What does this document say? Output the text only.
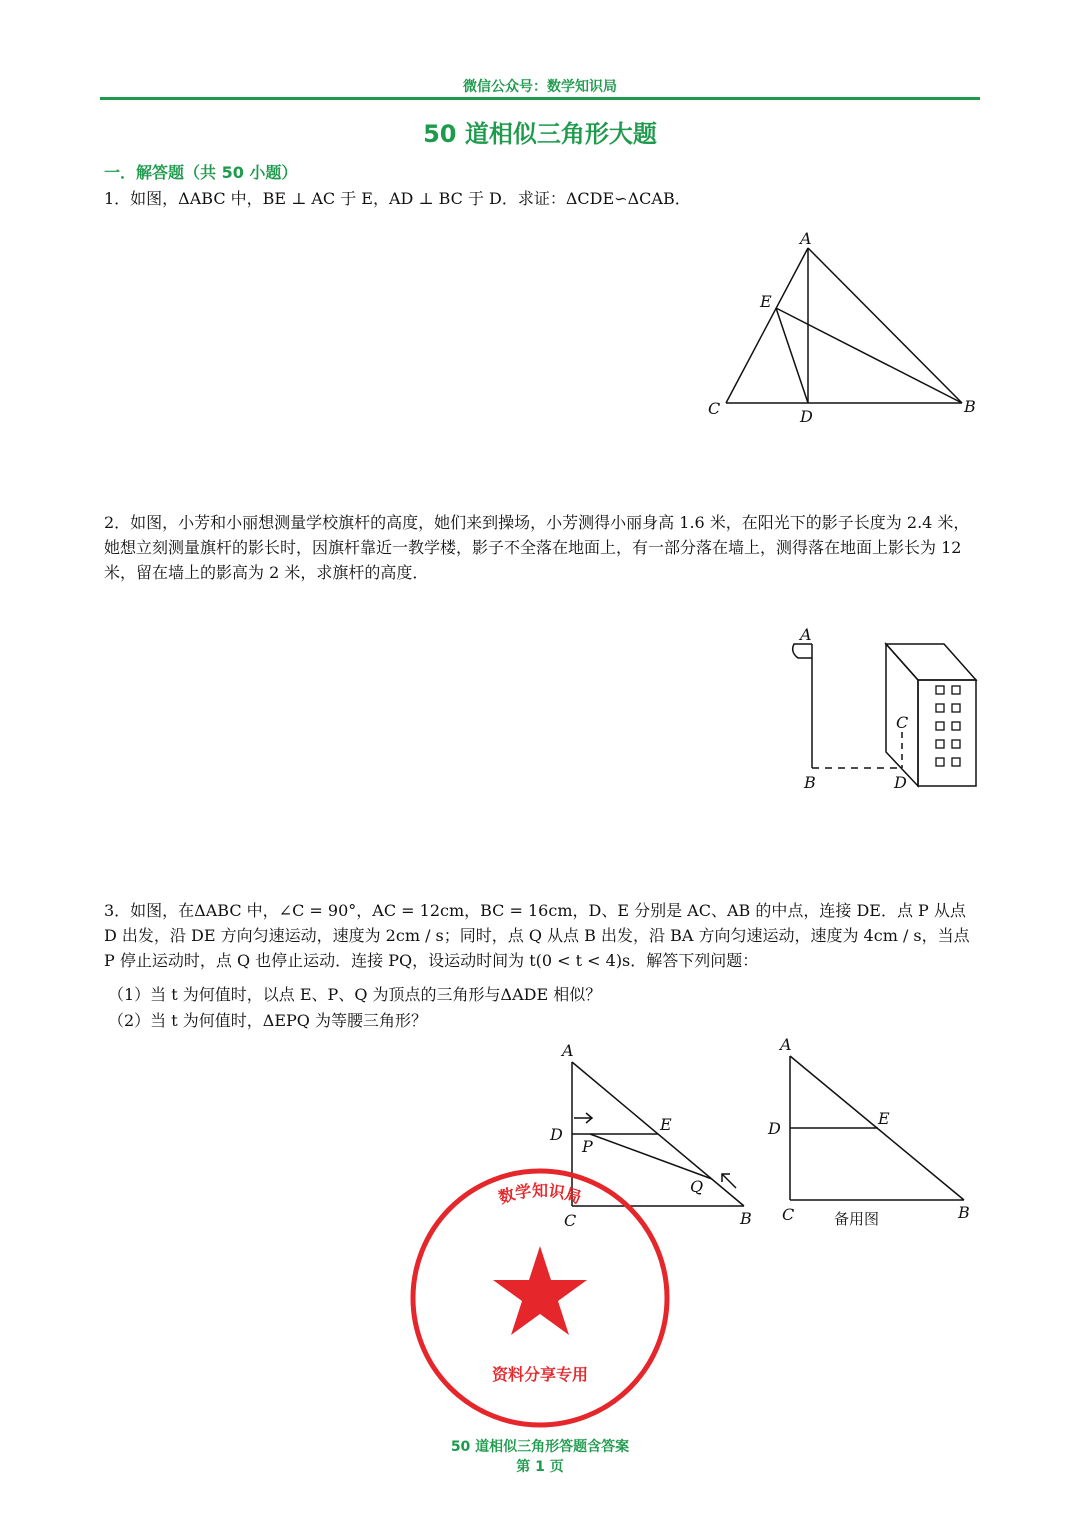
微信公众号：数学知识局
50 道相似三角形大题
一．解答题（共 50 小题）
1．如图，ΔABC 中，BE ⊥ AC 于 E，AD ⊥ BC 于 D．求证：ΔCDE∽ΔCAB．
A
E
C	D
B
2．如图，小芳和小丽想测量学校旗杆的高度，她们来到操场，小芳测得小丽身高 1.6 米，在阳光下的影子长度为 2.4 米，她想立刻测量旗杆的影长时，因旗杆靠近一教学楼，影子不全落在地面上，有一部分落在墙上，测得落在地面上影长为 12 米，留在墙上的影高为 2 米，求旗杆的高度．
A
C
B	D
3．如图，在ΔABC 中，∠C = 90°，AC = 12cm，BC = 16cm，D、E 分别是 AC、AB 的中点，连接 DE．点 P 从点 D 出发，沿 DE 方向匀速运动，速度为 2cm / s；同时，点 Q 从点 B 出发，沿 BA 方向匀速运动，速度为 4cm / s，当点 P 停止运动时，点 Q 也停止运动．连接 PQ，设运动时间为 t(0 < t < 4)s．解答下列问题：
（1）当 t 为何值时，以点 E、P、Q 为顶点的三角形与ΔADE 相似？
（2）当 t 为何值时，ΔEPQ 为等腰三角形？
A
D
P
E
Q
C	B
A
D
E
C	B
备用图
数学知识局
资料分享专用
50 道相似三角形答题含答案
第 1 页
